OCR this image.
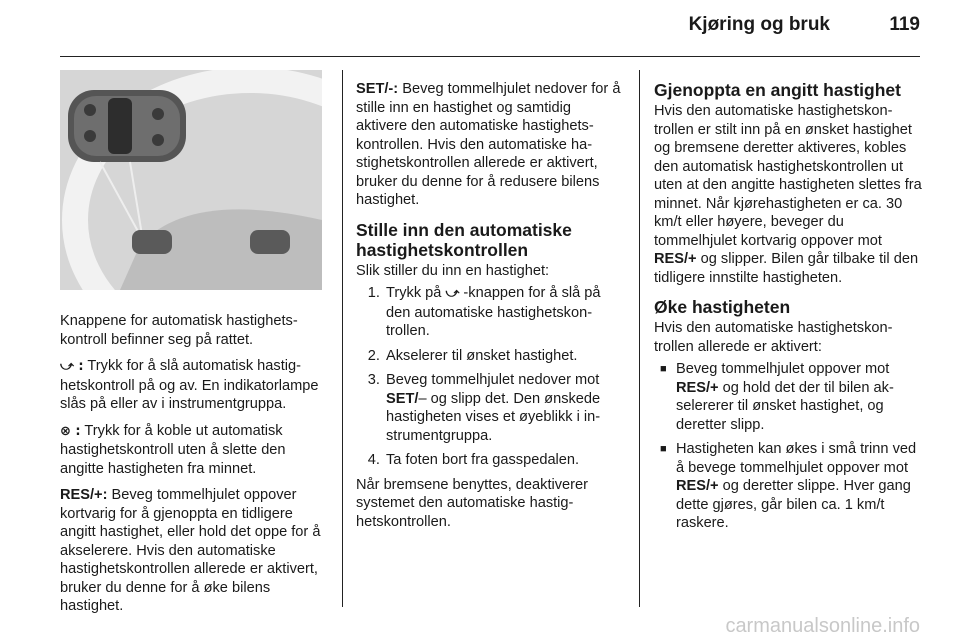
Kjøring og bruk	119

Knappene for automatisk hastighetskontroll befinner seg på rattet.

⤻ : Trykk for å slå automatisk hastighetskontroll på og av. En indikatorlampe slås på eller av i instrumentgruppa.

⊗ : Trykk for å koble ut automatisk hastighetskontroll uten å slette den angitte hastigheten fra minnet.

RES/+: Beveg tommelhjulet oppover kortvarig for å gjenoppta en tidligere angitt hastighet, eller hold det oppe for å akselerere. Hvis den automatiske hastighetskontrollen allerede er aktivert, bruker du denne for å øke bilens hastighet.

SET/-: Beveg tommelhjulet nedover for å stille inn en hastighet og samtidig aktivere den automatiske hastighetskontrollen. Hvis den automatiske hastighetskontrollen allerede er aktivert, bruker du denne for å redusere bilens hastighet.

Stille inn den automatiske hastighetskontrollen

Slik stiller du inn en hastighet:

1. Trykk på ⤻ -knappen for å slå på den automatiske hastighetskontrollen.
2. Akselerer til ønsket hastighet.
3. Beveg tommelhjulet nedover mot SET/– og slipp det. Den ønskede hastigheten vises et øyeblikk i instrumentgruppa.
4. Ta foten bort fra gasspedalen.

Når bremsene benyttes, deaktiverer systemet den automatiske hastighetskontrollen.

Gjenoppta en angitt hastighet

Hvis den automatiske hastighetskontrollen er stilt inn på en ønsket hastighet og bremsene deretter aktiveres, kobles den automatisk hastighetskontrollen ut uten at den angitte hastigheten slettes fra minnet. Når kjørehastigheten er ca. 30 km/t eller høyere, beveger du tommelhjulet kortvarig oppover mot RES/+ og slipper. Bilen går tilbake til den tidligere innstilte hastigheten.

Øke hastigheten

Hvis den automatiske hastighetskontrollen allerede er aktivert:

■ Beveg tommelhjulet oppover mot RES/+ og hold det der til bilen akselererer til ønsket hastighet, og deretter slipp.
■ Hastigheten kan økes i små trinn ved å bevege tommelhjulet oppover mot RES/+ og deretter slippe. Hver gang dette gjøres, går bilen ca. 1 km/t raskere.
carmanualsonline.info
